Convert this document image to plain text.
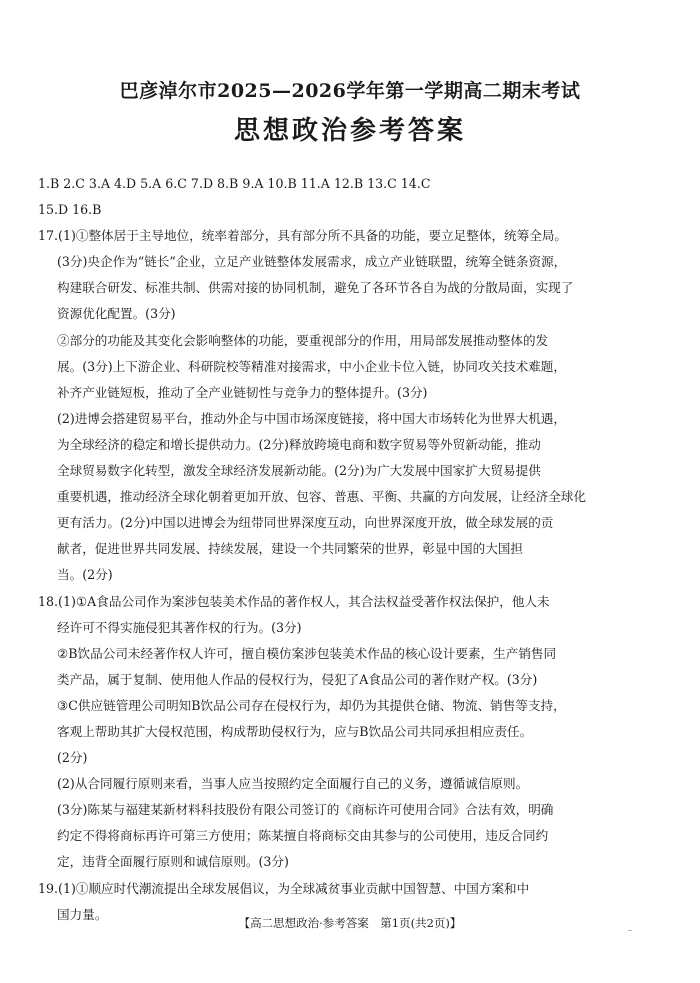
巴彦淖尔市2025—2026学年第一学期高二期末考试
思想政治参考答案
1.B 2.C 3.A 4.D 5.A 6.C 7.D 8.B 9.A 10.B 11.A 12.B 13.C 14.C
15.D 16.B
17.(1)①整体居于主导地位，统率着部分，具有部分所不具备的功能，要立足整体，统筹全局。
(3分)央企作为“链长”企业，立足产业链整体发展需求，成立产业链联盟，统筹全链条资源，
构建联合研发、标准共制、供需对接的协同机制，避免了各环节各自为战的分散局面，实现了
资源优化配置。(3分)
②部分的功能及其变化会影响整体的功能，要重视部分的作用，用局部发展推动整体的发
展。(3分)上下游企业、科研院校等精准对接需求，中小企业卡位入链，协同攻关技术难题，
补齐产业链短板，推动了全产业链韧性与竞争力的整体提升。(3分)
(2)进博会搭建贸易平台，推动外企与中国市场深度链接，将中国大市场转化为世界大机遇，
为全球经济的稳定和增长提供动力。(2分)释放跨境电商和数字贸易等外贸新动能，推动
全球贸易数字化转型，激发全球经济发展新动能。(2分)为广大发展中国家扩大贸易提供
重要机遇，推动经济全球化朝着更加开放、包容、普惠、平衡、共赢的方向发展，让经济全球化
更有活力。(2分)中国以进博会为纽带同世界深度互动，向世界深度开放，做全球发展的贡
献者，促进世界共同发展、持续发展，建设一个共同繁荣的世界，彰显中国的大国担
当。(2分)
18.(1)①A食品公司作为案涉包装美术作品的著作权人，其合法权益受著作权法保护，他人未
经许可不得实施侵犯其著作权的行为。(3分)
②B饮品公司未经著作权人许可，擅自模仿案涉包装美术作品的核心设计要素，生产销售同
类产品，属于复制、使用他人作品的侵权行为，侵犯了A食品公司的著作财产权。(3分)
③C供应链管理公司明知B饮品公司存在侵权行为，却仍为其提供仓储、物流、销售等支持，
客观上帮助其扩大侵权范围，构成帮助侵权行为，应与B饮品公司共同承担相应责任。
(2分)
(2)从合同履行原则来看，当事人应当按照约定全面履行自己的义务，遵循诚信原则。
(3分)陈某与福建某新材料科技股份有限公司签订的《商标许可使用合同》合法有效，明确
约定不得将商标再许可第三方使用；陈某擅自将商标交由其参与的公司使用，违反合同约
定，违背全面履行原则和诚信原则。(3分)
19.(1)①顺应时代潮流提出全球发展倡议，为全球减贫事业贡献中国智慧、中国方案和中
国力量。
【高二思想政治·参考答案　第1页(共2页)】
